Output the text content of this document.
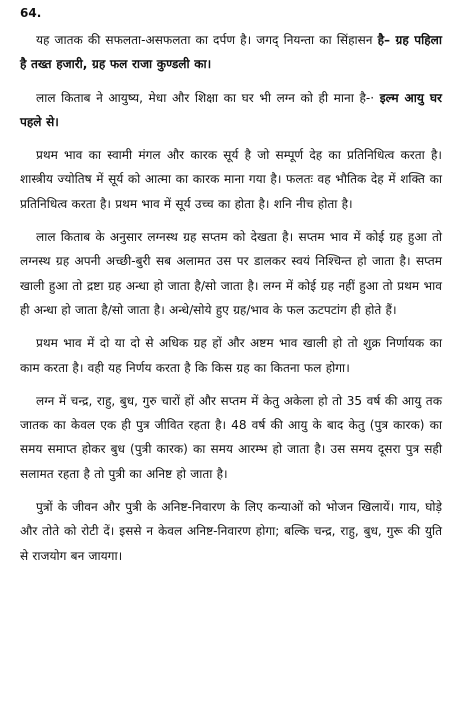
64.

यह जातक की सफलता-असफलता का दर्पण है। जगद् नियन्ता का सिंहासन है– ग्रह पहिला है तख्त हजारी, ग्रह फल राजा कुण्डली का।

लाल किताब ने आयुष्य, मेधा और शिक्षा का घर भी लग्न को ही माना है-· इल्म आयु घर पहले से।

प्रथम भाव का स्वामी मंगल और कारक सूर्य है जो सम्पूर्ण देह का प्रतिनिधित्व करता है। शास्त्रीय ज्योतिष में सूर्य को आत्मा का कारक माना गया है। फलतः वह भौतिक देह में शक्ति का प्रतिनिधित्व करता है। प्रथम भाव में सूर्य उच्च का होता है। शनि नीच होता है।

लाल किताब के अनुसार लग्नस्थ ग्रह सप्तम को देखता है। सप्तम भाव में कोई ग्रह हुआ तो लग्नस्थ ग्रह अपनी अच्छी-बुरी सब अलामत उस पर डालकर स्वयं निश्चिन्त हो जाता है। सप्तम खाली हुआ तो द्रष्टा ग्रह अन्धा हो जाता है/सो जाता है। लग्न में कोई ग्रह नहीं हुआ तो प्रथम भाव ही अन्धा हो जाता है/सो जाता है। अन्धे/सोये हुए ग्रह/भाव के फल ऊटपटांग ही होते हैं।

प्रथम भाव में दो या दो से अधिक ग्रह हों और अष्टम भाव खाली हो तो शुक्र निर्णायक का काम करता है। वही यह निर्णय करता है कि किस ग्रह का कितना फल होगा।

लग्न में चन्द्र, राहु, बुध, गुरु चारों हों और सप्तम में केतु अकेला हो तो 35 वर्ष की आयु तक जातक का केवल एक ही पुत्र जीवित रहता है। 48 वर्ष की आयु के बाद केतु (पुत्र कारक) का समय समाप्त होकर बुध (पुत्री कारक) का समय आरम्भ हो जाता है। उस समय दूसरा पुत्र सही सलामत रहता है तो पुत्री का अनिष्ट हो जाता है।

पुत्रों के जीवन और पुत्री के अनिष्ट-निवारण के लिए कन्याओं को भोजन खिलायें। गाय, घोड़े और तोते को रोटी दें। इससे न केवल अनिष्ट-निवारण होगा; बल्कि चन्द्र, राहु, बुध, गुरू की युति से राजयोग बन जायगा।
